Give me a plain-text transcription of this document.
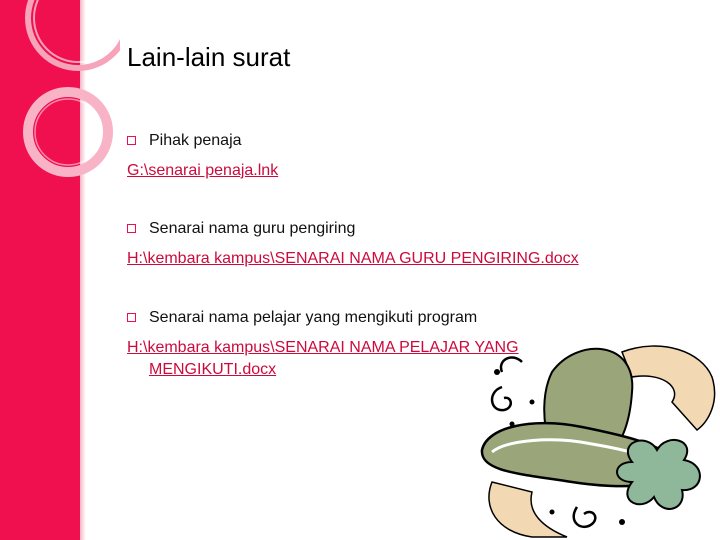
Lain-lain surat
Pihak penaja
G:\senarai penaja.lnk
Senarai nama guru pengiring
H:\kembara kampus\SENARAI NAMA GURU PENGIRING.docx
Senarai nama pelajar yang mengikuti program
H:\kembara kampus\SENARAI NAMA PELAJAR YANG MENGIKUTI.docx
